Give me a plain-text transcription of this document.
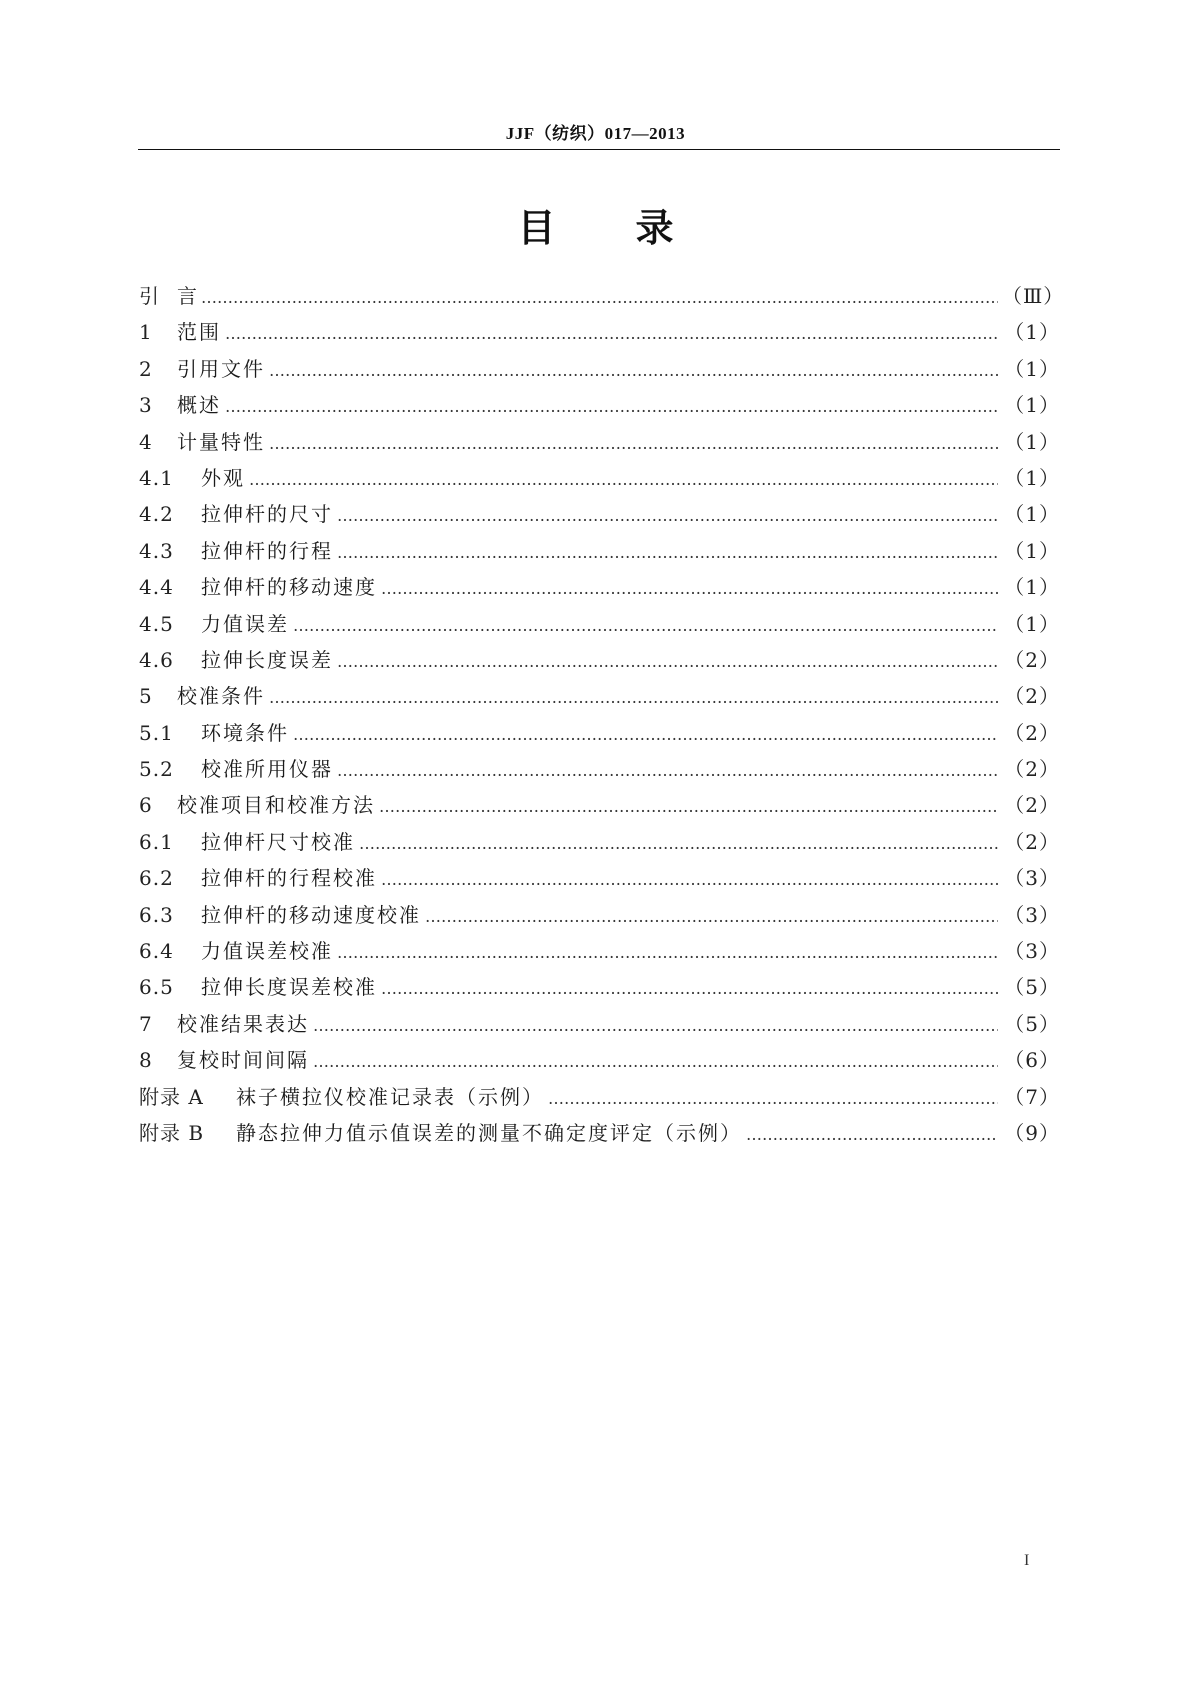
JJF（纺织）017—2013
目 录
引 言 ………………………………………………………………………………………………………………………………………………………………	（Ⅲ）
1	范围 ………………………………………………………………………………………………………………………………………………………………	（1）
2	引用文件 ………………………………………………………………………………………………………………………………………………………………	（1）
3	概述 ………………………………………………………………………………………………………………………………………………………………	（1）
4	计量特性 ………………………………………………………………………………………………………………………………………………………………	（1）
4.1	外观 ………………………………………………………………………………………………………………………………………………………………	（1）
4.2	拉伸杆的尺寸 ………………………………………………………………………………………………………………………………………………………………	（1）
4.3	拉伸杆的行程 ………………………………………………………………………………………………………………………………………………………………	（1）
4.4	拉伸杆的移动速度 ………………………………………………………………………………………………………………………………………………………………	（1）
4.5	力值误差 ………………………………………………………………………………………………………………………………………………………………	（1）
4.6	拉伸长度误差 ………………………………………………………………………………………………………………………………………………………………	（2）
5	校准条件 ………………………………………………………………………………………………………………………………………………………………	（2）
5.1	环境条件 ………………………………………………………………………………………………………………………………………………………………	（2）
5.2	校准所用仪器 ………………………………………………………………………………………………………………………………………………………………	（2）
6	校准项目和校准方法 ………………………………………………………………………………………………………………………………………………………………	（2）
6.1	拉伸杆尺寸校准 ………………………………………………………………………………………………………………………………………………………………	（2）
6.2	拉伸杆的行程校准 ………………………………………………………………………………………………………………………………………………………………	（3）
6.3	拉伸杆的移动速度校准 ………………………………………………………………………………………………………………………………………………………………	（3）
6.4	力值误差校准 ………………………………………………………………………………………………………………………………………………………………	（3）
6.5	拉伸长度误差校准 ………………………………………………………………………………………………………………………………………………………………	（5）
7	校准结果表达 ………………………………………………………………………………………………………………………………………………………………	（5）
8	复校时间间隔 ………………………………………………………………………………………………………………………………………………………………	（6）
附录 A	袜子横拉仪校准记录表（示例） ………………………………………………………………………………………………………………………………………………………………	（7）
附录 B	静态拉伸力值示值误差的测量不确定度评定（示例） ………………………………………………………………………………………………………………………………………………………………	（9）
I
